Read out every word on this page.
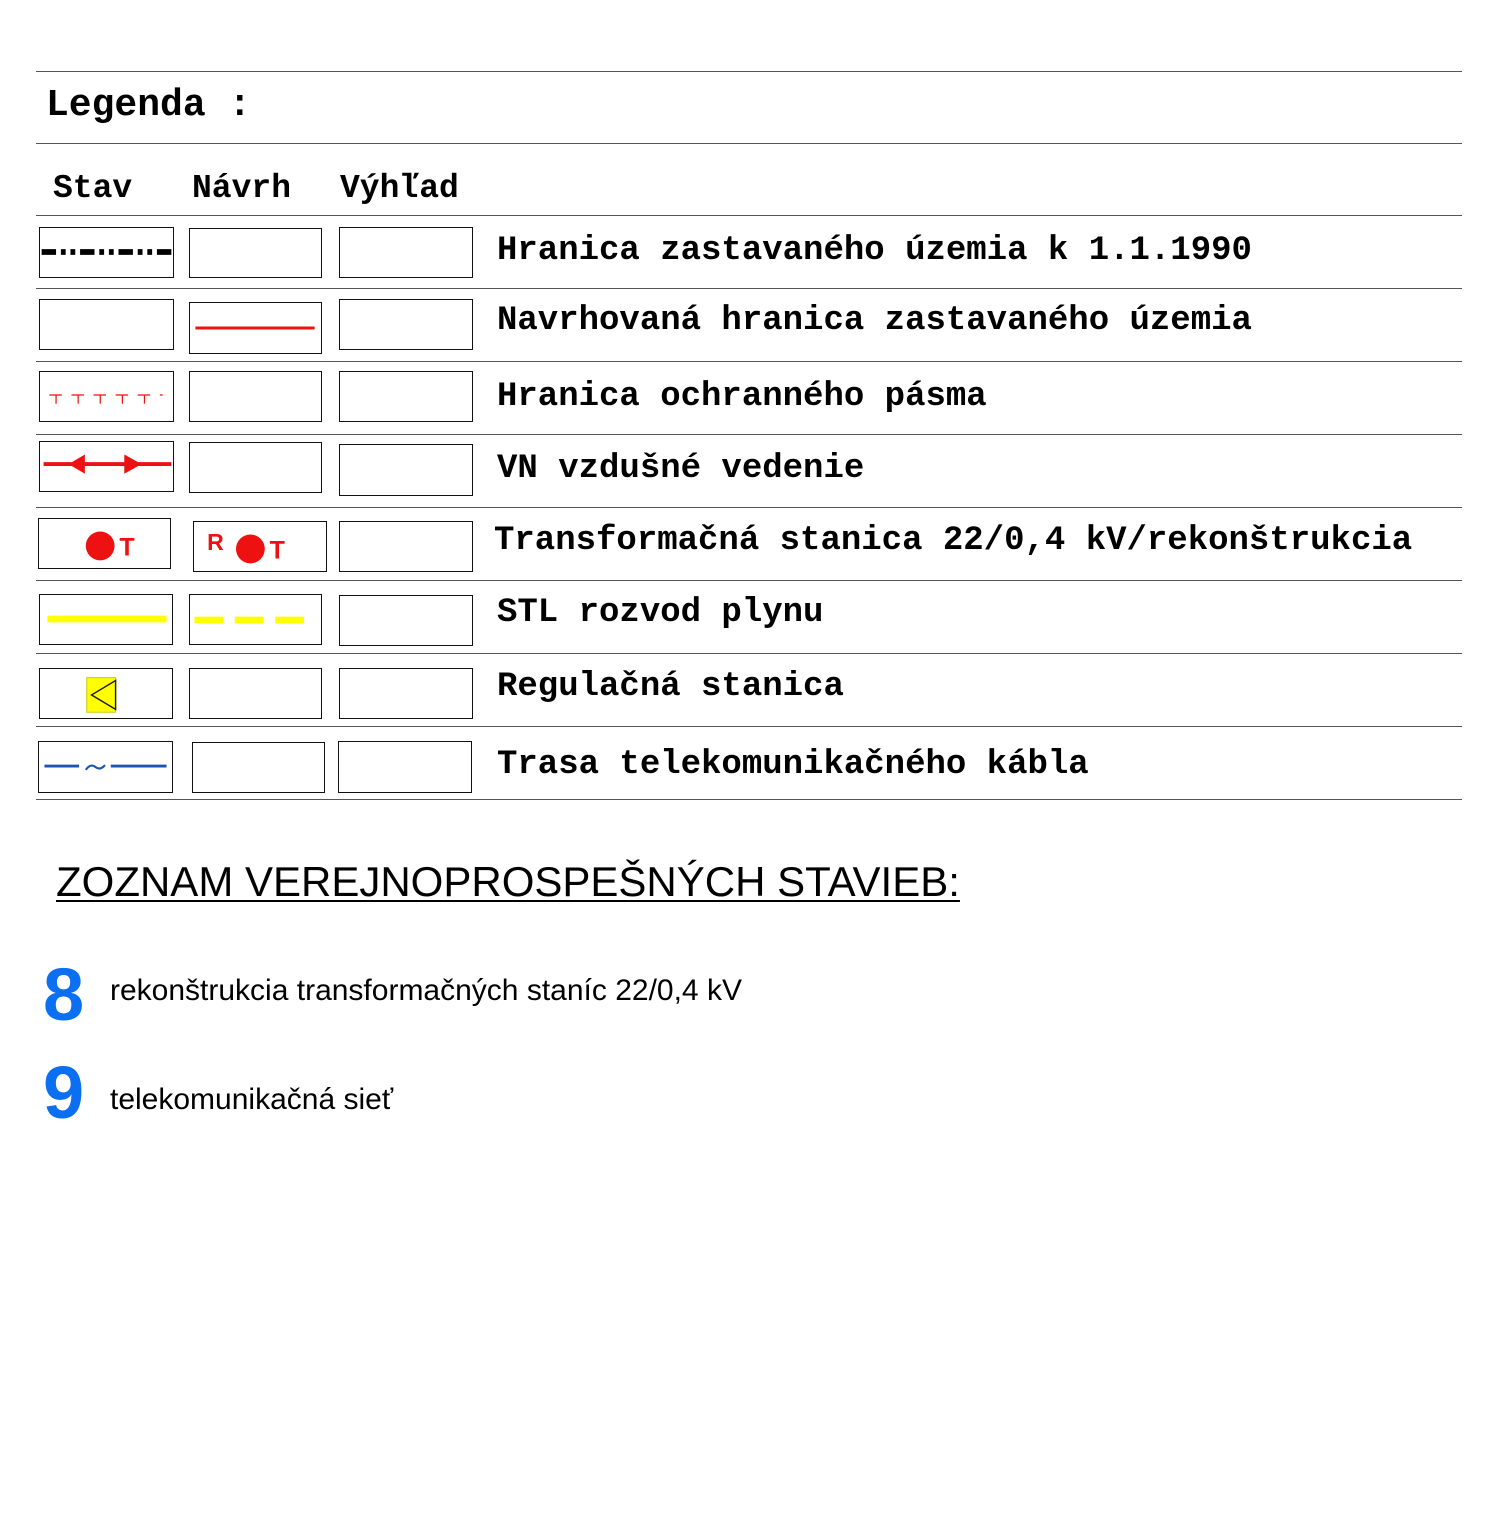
Legenda :
Stav Návrh Výhľad
Hranica zastavaného územia k 1.1.1990
Navrhovaná hranica zastavaného územia
Hranica ochranného pásma
VN vzdušné vedenie
T	R T	Transformačná stanica 22/0,4 kV/rekonštrukcia
STL rozvod plynu
Regulačná stanica
Trasa telekomunikačného kábla
ZOZNAM VEREJNOPROSPEŠNÝCH STAVIEB:
8 rekonštrukcia transformačných staníc 22/0,4 kV
9 telekomunikačná sieť
